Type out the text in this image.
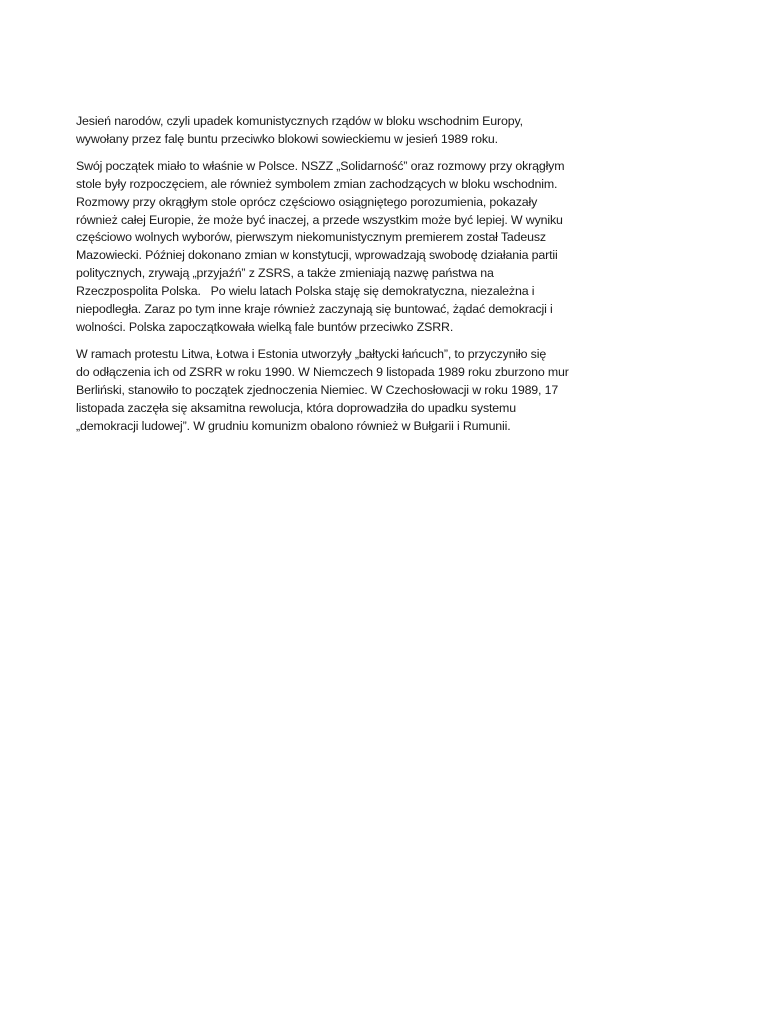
Jesień narodów, czyli upadek komunistycznych rządów w bloku wschodnim Europy,
wywołany przez falę buntu przeciwko blokowi sowieckiemu w jesień 1989 roku.

Swój początek miało to właśnie w Polsce. NSZZ „Solidarność” oraz rozmowy przy okrągłym
stole były rozpoczęciem, ale również symbolem zmian zachodzących w bloku wschodnim.
Rozmowy przy okrągłym stole oprócz częściowo osiągniętego porozumienia, pokazały
również całej Europie, że może być inaczej, a przede wszystkim może być lepiej. W wyniku
częściowo wolnych wyborów, pierwszym niekomunistycznym premierem został Tadeusz
Mazowiecki. Później dokonano zmian w konstytucji, wprowadzają swobodę działania partii
politycznych, zrywają „przyjaźń” z ZSRS, a także zmieniają nazwę państwa na
Rzeczpospolita Polska.   Po wielu latach Polska staję się demokratyczna, niezależna i
niepodległa. Zaraz po tym inne kraje również zaczynają się buntować, żądać demokracji i
wolności. Polska zapoczątkowała wielką fale buntów przeciwko ZSRR.

W ramach protestu Litwa, Łotwa i Estonia utworzyły „bałtycki łańcuch”, to przyczyniło się
do odłączenia ich od ZSRR w roku 1990. W Niemczech 9 listopada 1989 roku zburzono mur
Berliński, stanowiło to początek zjednoczenia Niemiec. W Czechosłowacji w roku 1989, 17
listopada zaczęła się aksamitna rewolucja, która doprowadziła do upadku systemu
„demokracji ludowej”. W grudniu komunizm obalono również w Bułgarii i Rumunii.
